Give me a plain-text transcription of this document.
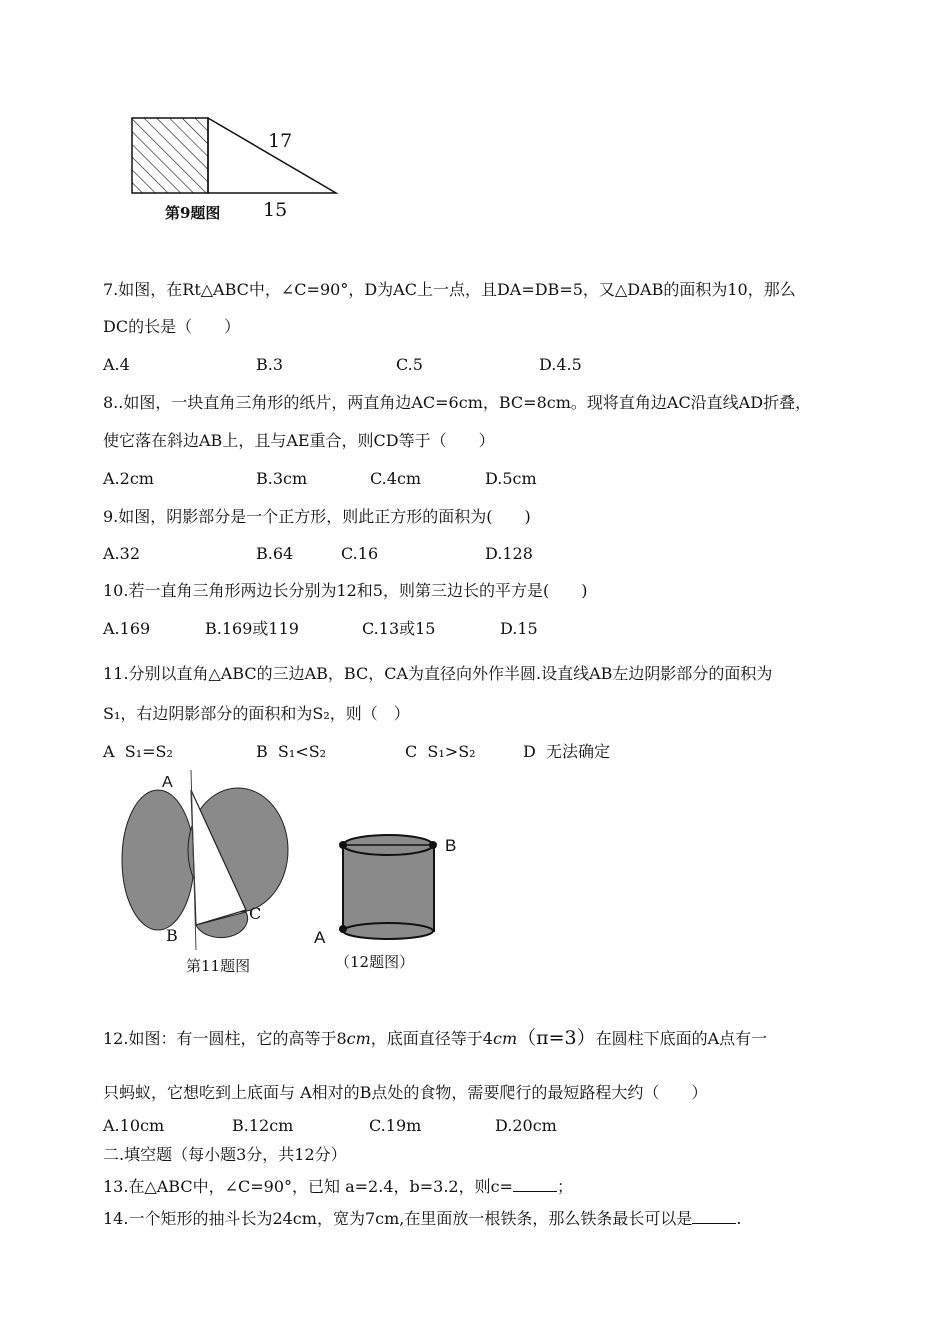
17
15
第9题图
7.如图，在Rt△ABC中，∠C=90°，D为AC上一点，且DA=DB=5，又△DAB的面积为10，那么
DC的长是（　　）
A.4	B.3	C.5	D.4.5
8..如图，一块直角三角形的纸片，两直角边AC=6cm，BC=8cm。现将直角边AC沿直线AD折叠，
使它落在斜边AB上，且与AE重合，则CD等于（　　）
A.2cm	B.3cm	C.4cm	D.5cm
9.如图，阴影部分是一个正方形，则此正方形的面积为(　　)
A.32	B.64	C.16	D.128
10.若一直角三角形两边长分别为12和5，则第三边长的平方是(　　)
A.169	B.169或119	C.13或15	D.15
11.分别以直角△ABC的三边AB，BC，CA为直径向外作半圆.设直线AB左边阴影部分的面积为
S₁，右边阴影部分的面积和为S₂，则（　）
A  S₁=S₂	B  S₁<S₂	C  S₁>S₂	D  无法确定
A
B
C
第11题图
B
A
（12题图）
12.如图：有一圆柱，它的高等于8cm，底面直径等于4cm（π=3）在圆柱下底面的A点有一
只蚂蚁，它想吃到上底面与 A相对的B点处的食物，需要爬行的最短路程大约（　　）
A.10cm	B.12cm	C.19m	D.20cm
二.填空题（每小题3分，共12分）
13.在△ABC中，∠C=90°，已知 a=2.4，b=3.2，则c=	；
14.一个矩形的抽斗长为24cm，宽为7cm,在里面放一根铁条，那么铁条最长可以是	.
